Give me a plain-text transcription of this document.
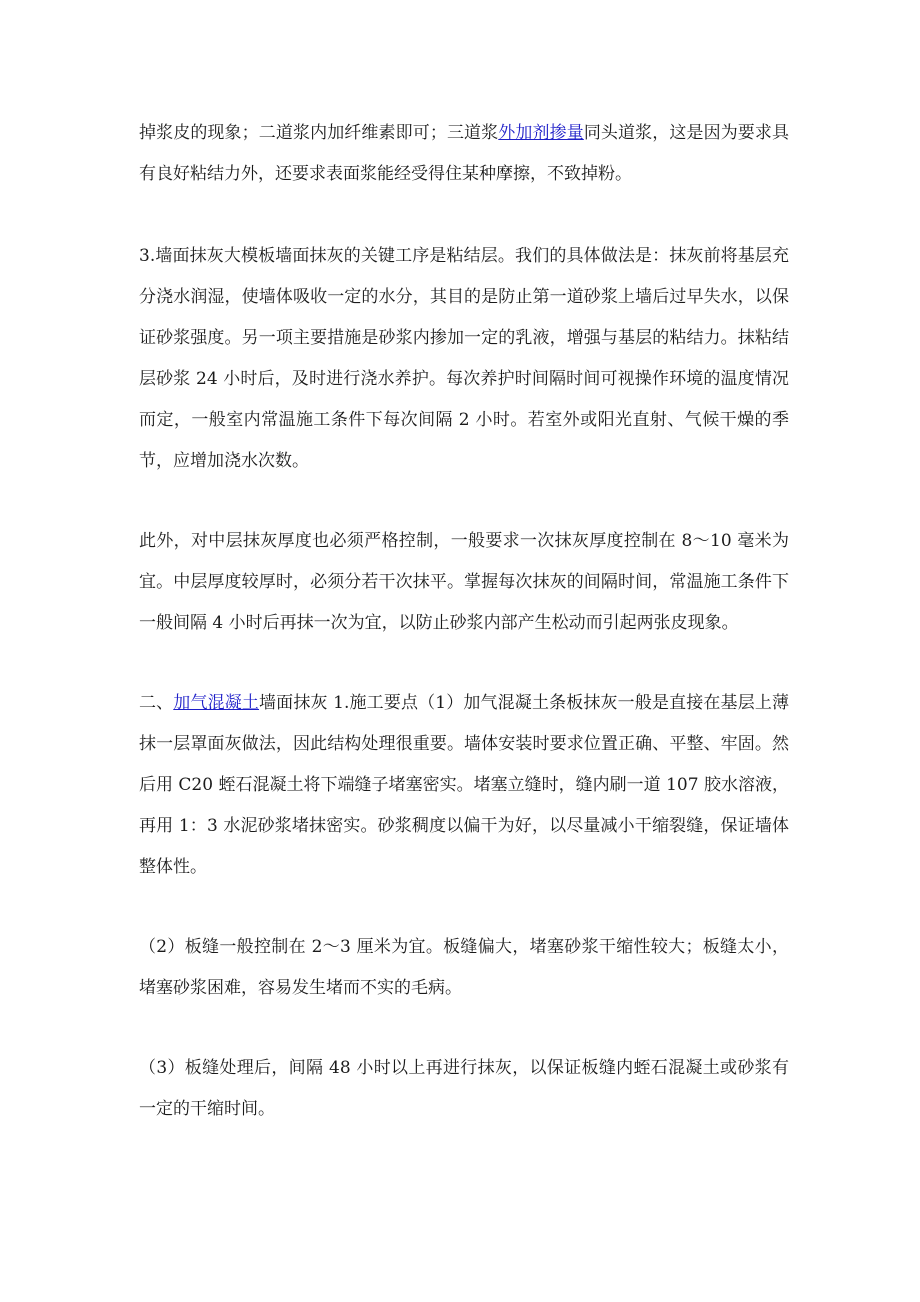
掉浆皮的现象；二道浆内加纤维素即可；三道浆外加剂掺量同头道浆，这是因为要求具有良好粘结力外，还要求表面浆能经受得住某种摩擦，不致掉粉。

3.墙面抹灰大模板墙面抹灰的关键工序是粘结层。我们的具体做法是：抹灰前将基层充分浇水润湿，使墙体吸收一定的水分，其目的是防止第一道砂浆上墙后过早失水，以保证砂浆强度。另一项主要措施是砂浆内掺加一定的乳液，增强与基层的粘结力。抹粘结层砂浆 24 小时后，及时进行浇水养护。每次养护时间隔时间可视操作环境的温度情况而定，一般室内常温施工条件下每次间隔 2 小时。若室外或阳光直射、气候干燥的季节，应增加浇水次数。

此外，对中层抹灰厚度也必须严格控制，一般要求一次抹灰厚度控制在 8～10 毫米为宜。中层厚度较厚时，必须分若干次抹平。掌握每次抹灰的间隔时间，常温施工条件下一般间隔 4 小时后再抹一次为宜，以防止砂浆内部产生松动而引起两张皮现象。

二、加气混凝土墙面抹灰 1.施工要点（1）加气混凝土条板抹灰一般是直接在基层上薄抹一层罩面灰做法，因此结构处理很重要。墙体安装时要求位置正确、平整、牢固。然后用 C20 蛭石混凝土将下端缝子堵塞密实。堵塞立缝时，缝内刷一道 107 胶水溶液，再用 1：3 水泥砂浆堵抹密实。砂浆稠度以偏干为好，以尽量减小干缩裂缝，保证墙体整体性。

（2）板缝一般控制在 2～3 厘米为宜。板缝偏大，堵塞砂浆干缩性较大；板缝太小，堵塞砂浆困难，容易发生堵而不实的毛病。

（3）板缝处理后，间隔 48 小时以上再进行抹灰，以保证板缝内蛭石混凝土或砂浆有一定的干缩时间。
